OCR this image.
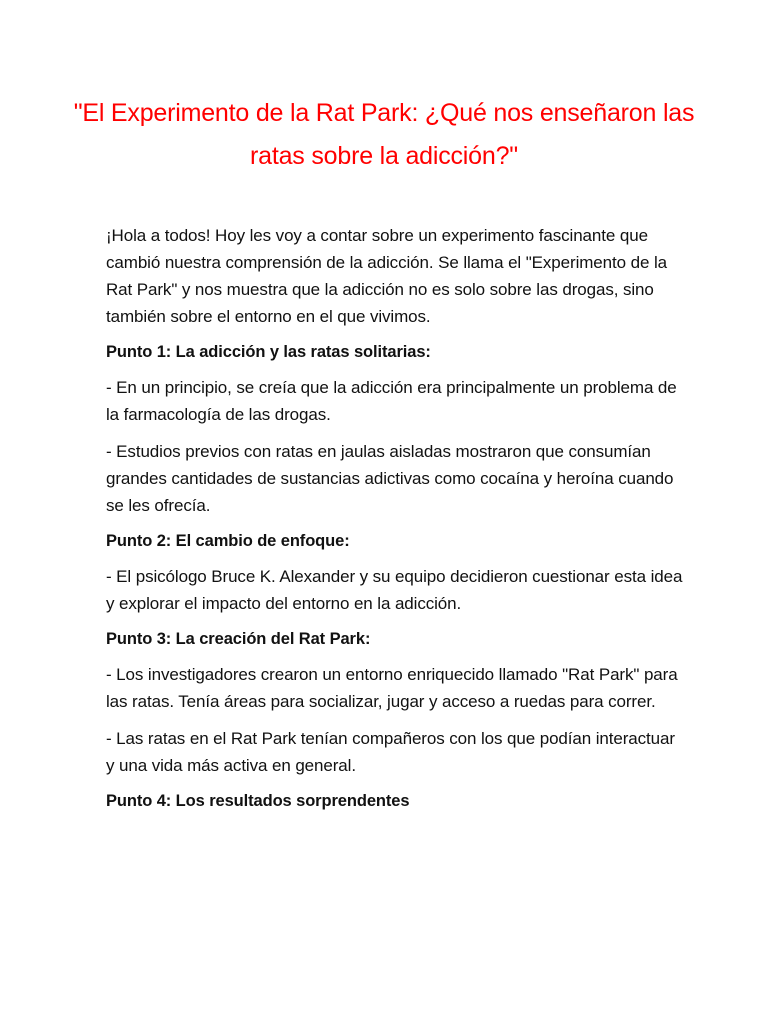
"El Experimento de la Rat Park: ¿Qué nos enseñaron las ratas sobre la adicción?"

¡Hola a todos! Hoy les voy a contar sobre un experimento fascinante que cambió nuestra comprensión de la adicción. Se llama el "Experimento de la Rat Park" y nos muestra que la adicción no es solo sobre las drogas, sino también sobre el entorno en el que vivimos.

Punto 1: La adicción y las ratas solitarias:

- En un principio, se creía que la adicción era principalmente un problema de la farmacología de las drogas.

- Estudios previos con ratas en jaulas aisladas mostraron que consumían grandes cantidades de sustancias adictivas como cocaína y heroína cuando se les ofrecía.

Punto 2: El cambio de enfoque:

- El psicólogo Bruce K. Alexander y su equipo decidieron cuestionar esta idea y explorar el impacto del entorno en la adicción.

Punto 3: La creación del Rat Park:

- Los investigadores crearon un entorno enriquecido llamado "Rat Park" para las ratas. Tenía áreas para socializar, jugar y acceso a ruedas para correr.

- Las ratas en el Rat Park tenían compañeros con los que podían interactuar y una vida más activa en general.

Punto 4: Los resultados sorprendentes
